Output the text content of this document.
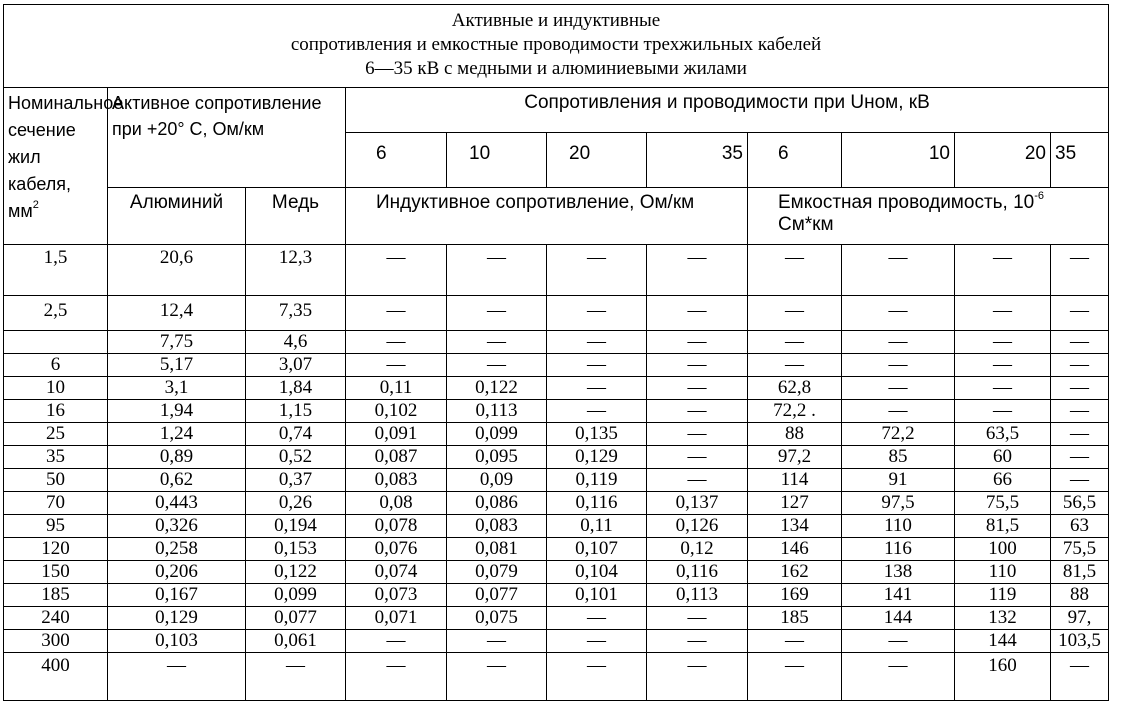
Активные и индуктивные
сопротивления и емкостные проводимости трехжильных кабелей
6—35 кВ с медными и алюминиевыми жилами										

Номинальное сечение жил кабеля, $мм^2$	Активное сопротивление при +20° С, Ом/км		Сопротивления и проводимости при Uном, кВ							
			6	10	20	35	6	10	20	35
	Алюминий	Медь	Индуктивное сопротивление, Ом/км				Емкостная проводимость, $10^{-6}$ См*км			
1,5	20,6	12,3	—	—	—	—	—	—	—	—
2,5	12,4	7,35	—	—	—	—	—	—	—	—
	7,75	4,6	—	—	—	—	—	—	—	—
6	5,17	3,07	—	—	—	—	—	—	—	—
10	3,1	1,84	0,11	0,122	—	—	62,8	—	—	—
16	1,94	1,15	0,102	0,113	—	—	72,2 .	—	—	—
25	1,24	0,74	0,091	0,099	0,135	—	88	72,2	63,5	—
35	0,89	0,52	0,087	0,095	0,129	—	97,2	85	60	—
50	0,62	0,37	0,083	0,09	0,119	—	114	91	66	—
70	0,443	0,26	0,08	0,086	0,116	0,137	127	97,5	75,5	56,5
95	0,326	0,194	0,078	0,083	0,11	0,126	134	110	81,5	63
120	0,258	0,153	0,076	0,081	0,107	0,12	146	116	100	75,5
150	0,206	0,122	0,074	0,079	0,104	0,116	162	138	110	81,5
185	0,167	0,099	0,073	0,077	0,101	0,113	169	141	119	88
240	0,129	0,077	0,071	0,075	—	—	185	144	132	97,
300	0,103	0,061	—	—	—	—	—	—	144	103,5
400	—	—	—	—	—	—	—	—	160	—
